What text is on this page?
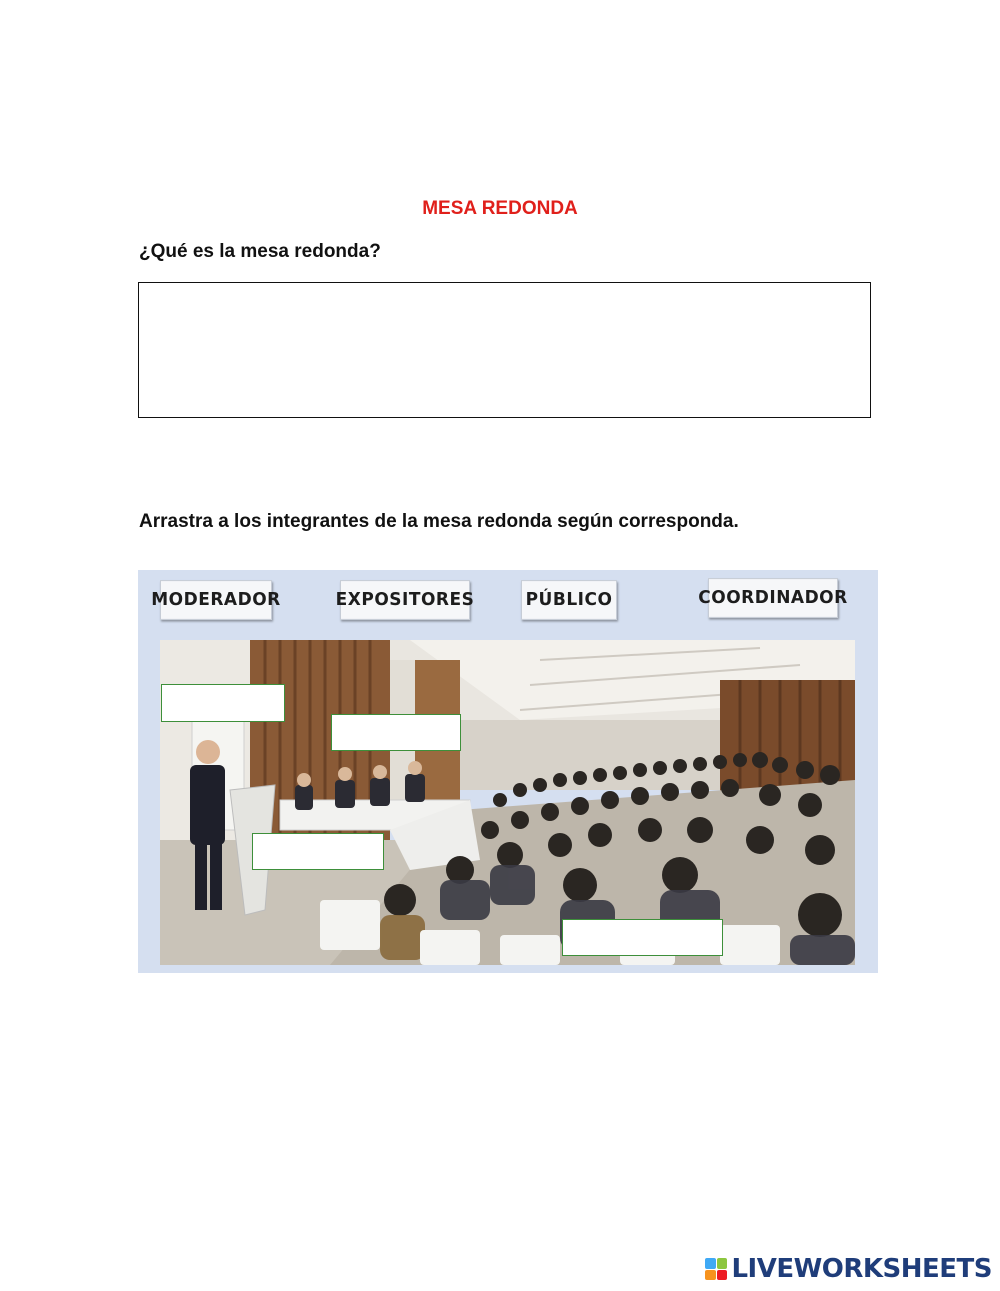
MESA REDONDA
¿Qué es la mesa redonda?
Arrastra a los integrantes de la mesa redonda según corresponda.
MODERADOR	EXPOSITORES	PÚBLICO	COORDINADOR
LIVEWORKSHEETS
